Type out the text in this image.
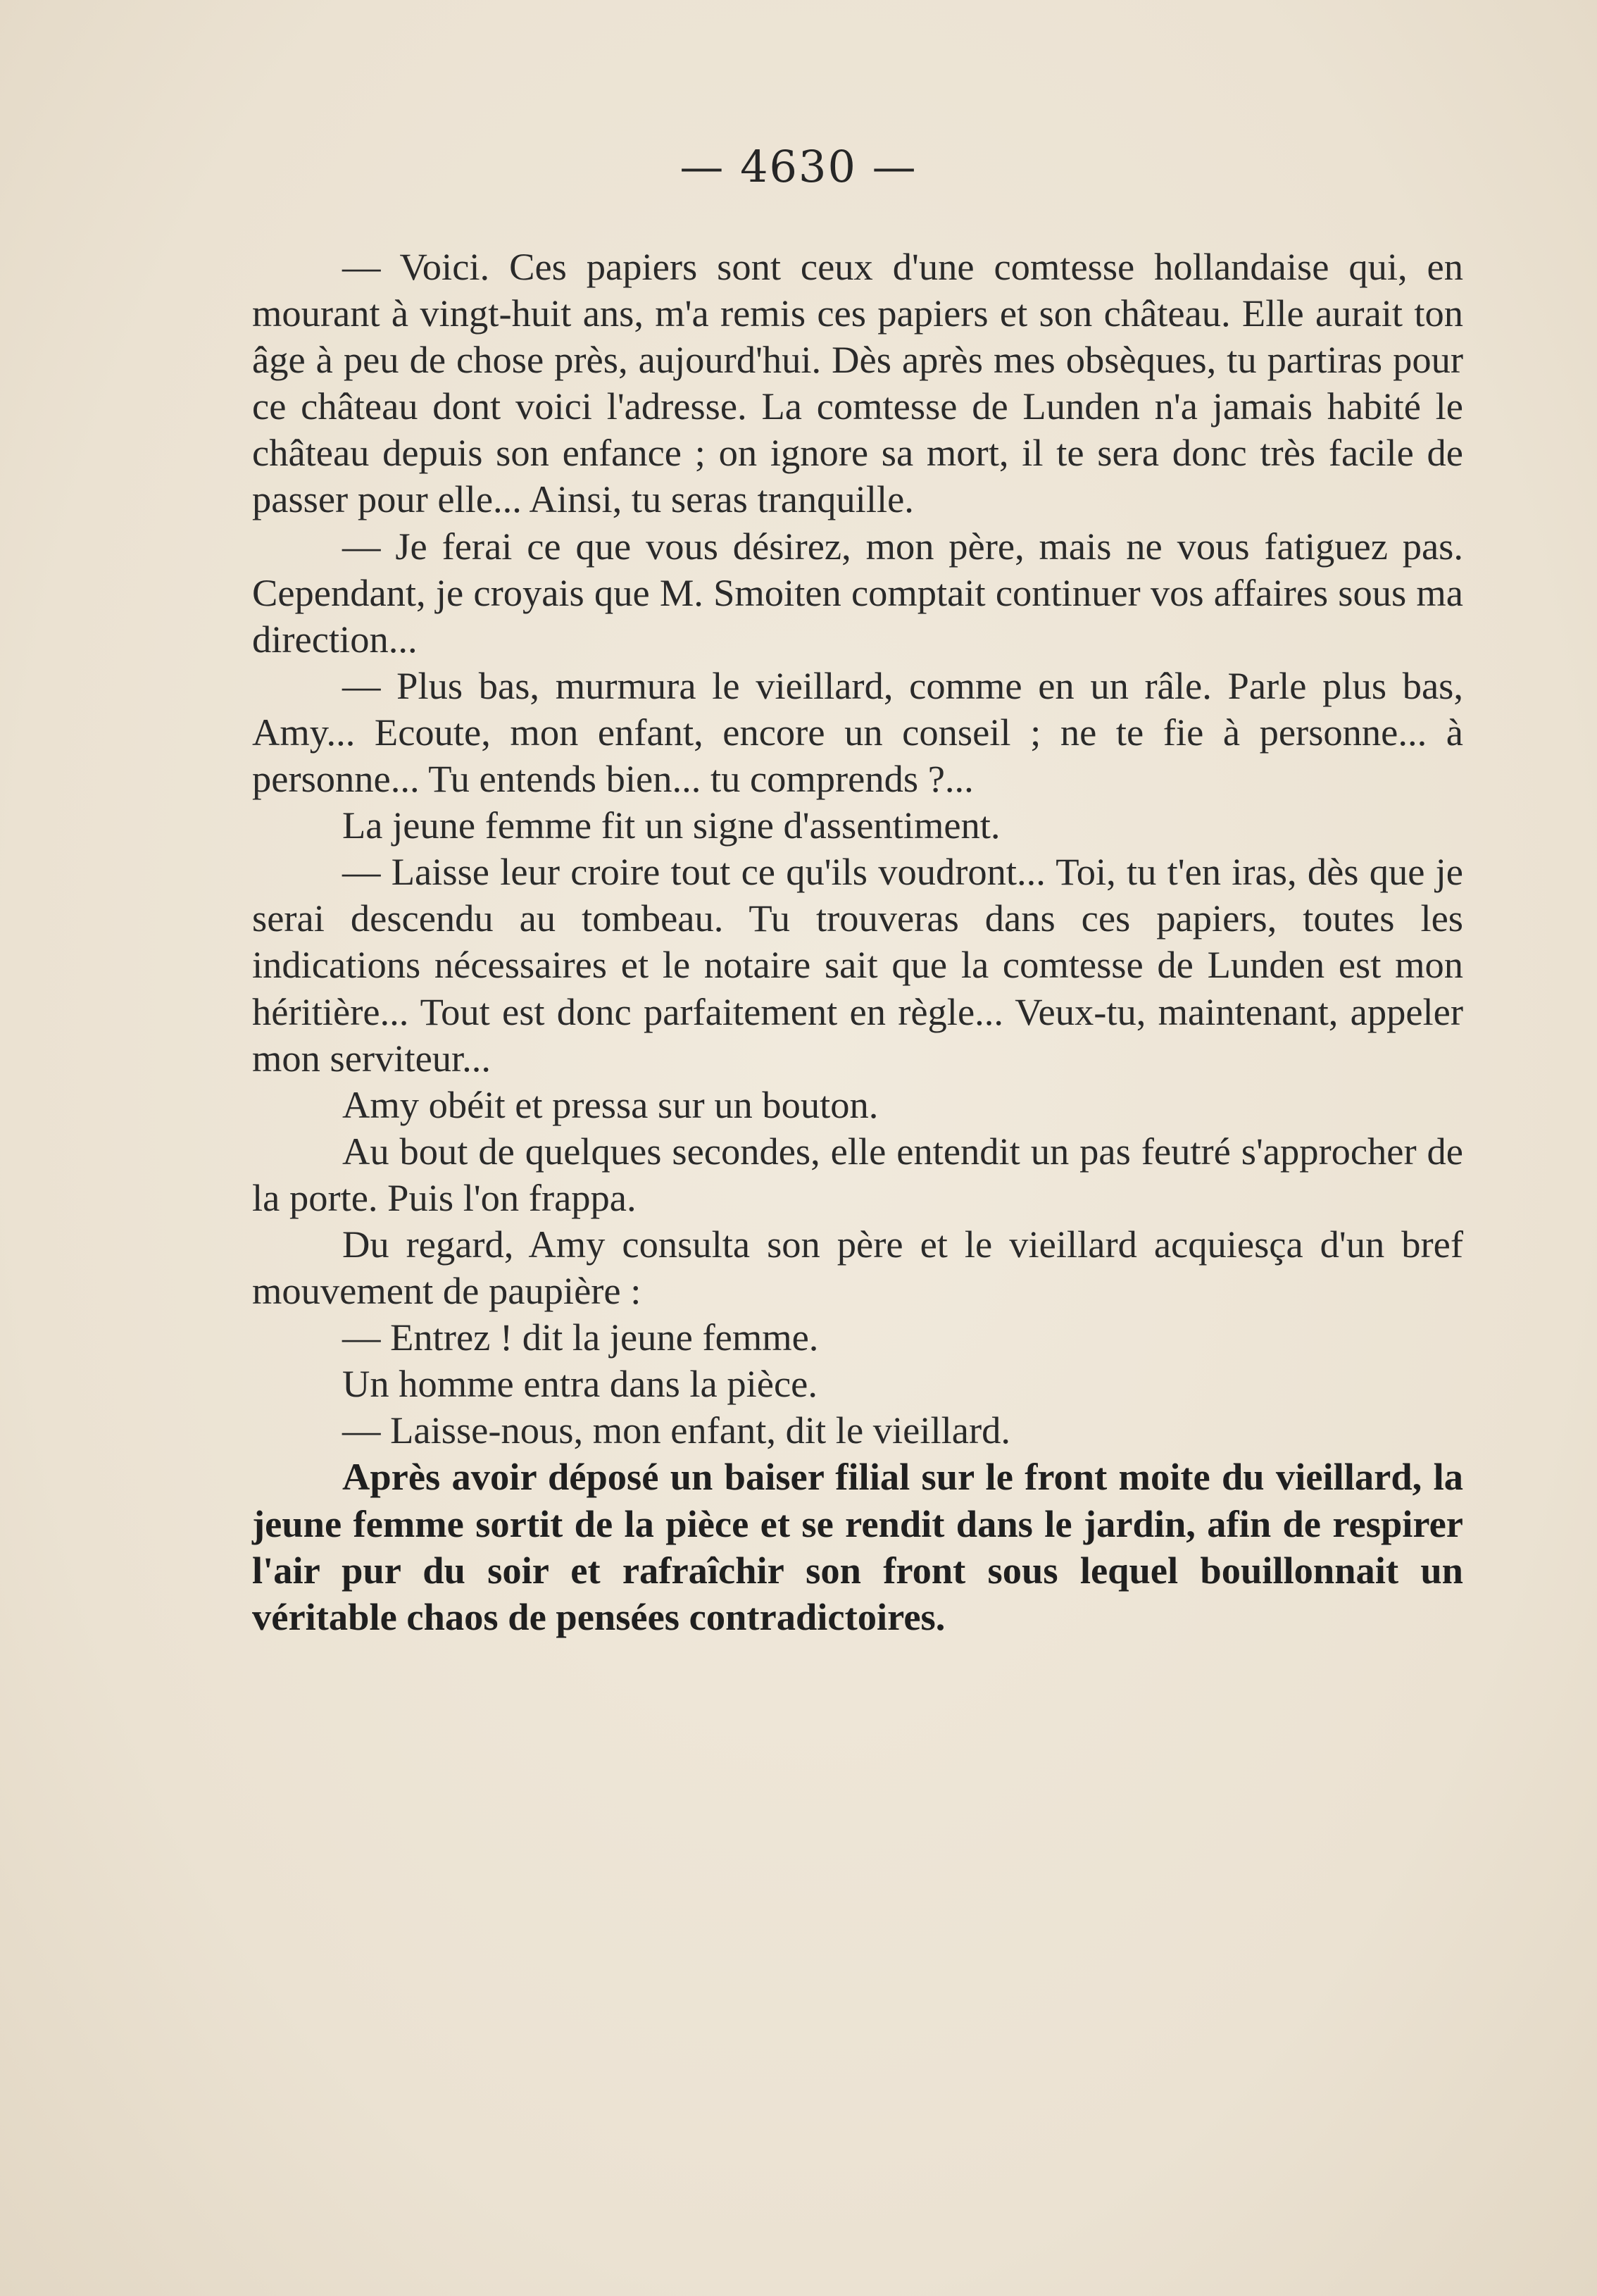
— 4630 —

— Voici. Ces papiers sont ceux d'une comtesse hollandaise qui, en mourant à vingt-huit ans, m'a remis ces papiers et son château. Elle aurait ton âge à peu de chose près, aujourd'hui. Dès après mes obsèques, tu partiras pour ce château dont voici l'adresse. La comtesse de Lunden n'a jamais habité le château depuis son enfance ; on ignore sa mort, il te sera donc très facile de passer pour elle... Ainsi, tu seras tranquille.

— Je ferai ce que vous désirez, mon père, mais ne vous fatiguez pas. Cependant, je croyais que M. Smoiten comptait continuer vos affaires sous ma direction...

— Plus bas, murmura le vieillard, comme en un râle. Parle plus bas, Amy... Ecoute, mon enfant, encore un conseil ; ne te fie à personne... à personne... Tu entends bien... tu comprends ?...

La jeune femme fit un signe d'assentiment.

— Laisse leur croire tout ce qu'ils voudront... Toi, tu t'en iras, dès que je serai descendu au tombeau. Tu trouveras dans ces papiers, toutes les indications nécessaires et le notaire sait que la comtesse de Lunden est mon héritière... Tout est donc parfaitement en règle... Veux-tu, maintenant, appeler mon serviteur...

Amy obéit et pressa sur un bouton.

Au bout de quelques secondes, elle entendit un pas feutré s'approcher de la porte. Puis l'on frappa.

Du regard, Amy consulta son père et le vieillard acquiesça d'un bref mouvement de paupière :

— Entrez ! dit la jeune femme.

Un homme entra dans la pièce.

— Laisse-nous, mon enfant, dit le vieillard.

Après avoir déposé un baiser filial sur le front moite du vieillard, la jeune femme sortit de la pièce et se rendit dans le jardin, afin de respirer l'air pur du soir et rafraîchir son front sous lequel bouillonnait un véritable chaos de pensées contradictoires.
